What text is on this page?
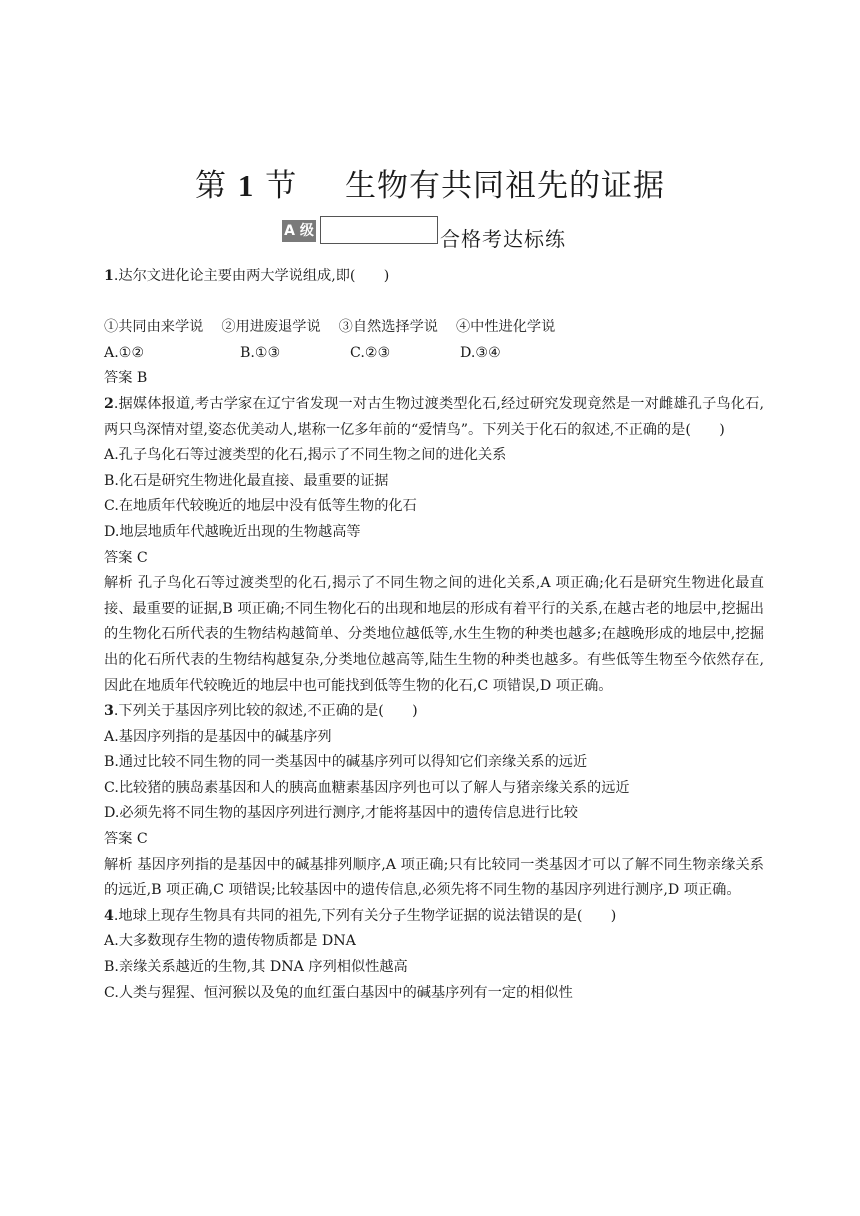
第 1 节 生物有共同祖先的证据
A 级	合格考达标练

1.达尔文进化论主要由两大学说组成,即(　　)

①共同由来学说 ②用进废退学说 ③自然选择学说 ④中性进化学说

A.①②	B.①③	C.②③	D.③④

答案 B

2.据媒体报道,考古学家在辽宁省发现一对古生物过渡类型化石,经过研究发现竟然是一对雌雄孔子鸟化石,两只鸟深情对望,姿态优美动人,堪称一亿多年前的“爱情鸟”。下列关于化石的叙述,不正确的是(　　)

A.孔子鸟化石等过渡类型的化石,揭示了不同生物之间的进化关系

B.化石是研究生物进化最直接、最重要的证据

C.在地质年代较晚近的地层中没有低等生物的化石

D.地层地质年代越晚近出现的生物越高等

答案 C

解析 孔子鸟化石等过渡类型的化石,揭示了不同生物之间的进化关系,A 项正确;化石是研究生物进化最直接、最重要的证据,B 项正确;不同生物化石的出现和地层的形成有着平行的关系,在越古老的地层中,挖掘出的生物化石所代表的生物结构越简单、分类地位越低等,水生生物的种类也越多;在越晚形成的地层中,挖掘出的化石所代表的生物结构越复杂,分类地位越高等,陆生生物的种类也越多。有些低等生物至今依然存在,因此在地质年代较晚近的地层中也可能找到低等生物的化石,C 项错误,D 项正确。

3.下列关于基因序列比较的叙述,不正确的是(　　)

A.基因序列指的是基因中的碱基序列

B.通过比较不同生物的同一类基因中的碱基序列可以得知它们亲缘关系的远近

C.比较猪的胰岛素基因和人的胰高血糖素基因序列也可以了解人与猪亲缘关系的远近

D.必须先将不同生物的基因序列进行测序,才能将基因中的遗传信息进行比较

答案 C

解析 基因序列指的是基因中的碱基排列顺序,A 项正确;只有比较同一类基因才可以了解不同生物亲缘关系的远近,B 项正确,C 项错误;比较基因中的遗传信息,必须先将不同生物的基因序列进行测序,D 项正确。

4.地球上现存生物具有共同的祖先,下列有关分子生物学证据的说法错误的是(　　)

A.大多数现存生物的遗传物质都是 DNA

B.亲缘关系越近的生物,其 DNA 序列相似性越高

C.人类与猩猩、恒河猴以及兔的血红蛋白基因中的碱基序列有一定的相似性
